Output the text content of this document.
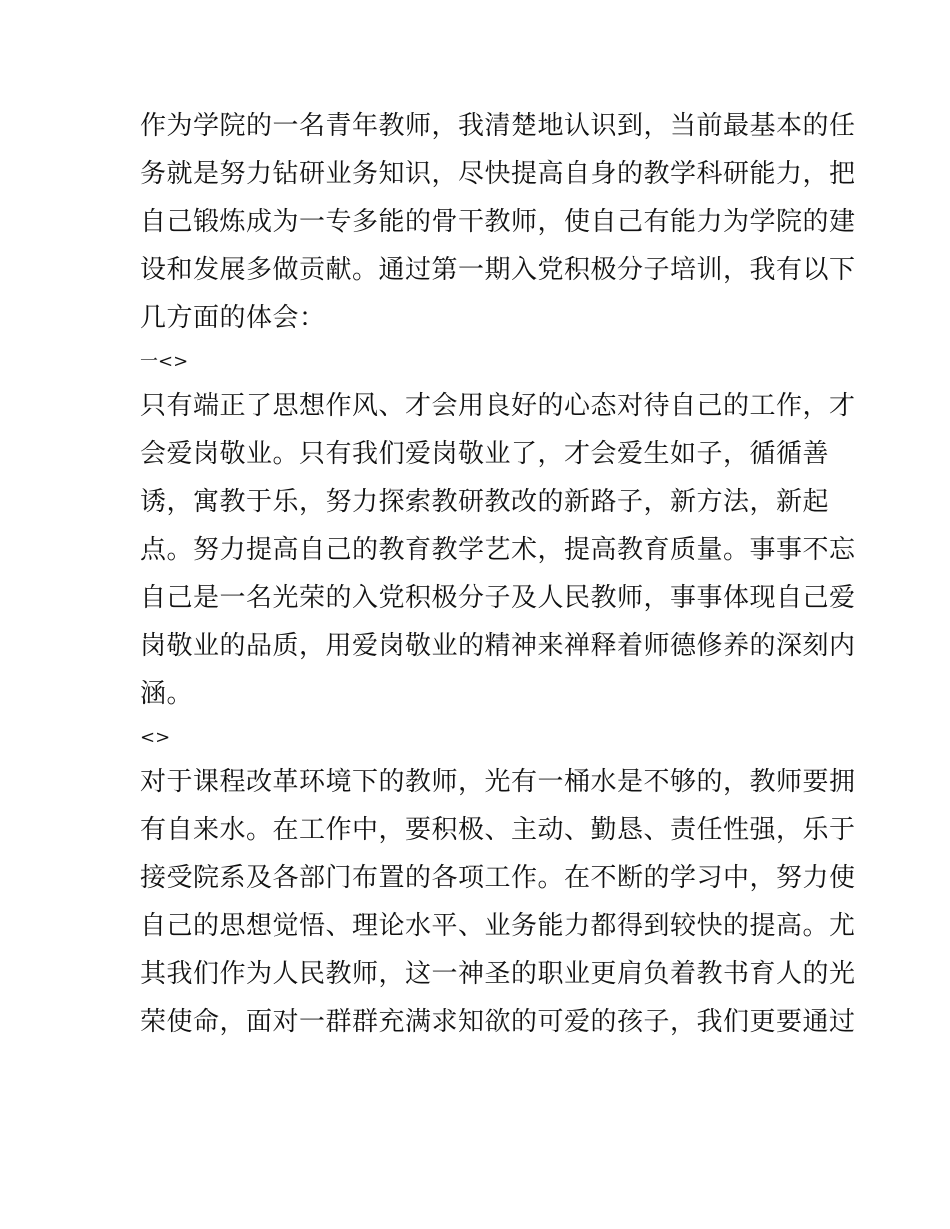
作为学院的一名青年教师，我清楚地认识到，当前最基本的任
务就是努力钻研业务知识，尽快提高自身的教学科研能力，把
自己锻炼成为一专多能的骨干教师，使自己有能力为学院的建
设和发展多做贡献。通过第一期入党积极分子培训，我有以下
几方面的体会：
一<>
只有端正了思想作风、才会用良好的心态对待自己的工作，才
会爱岗敬业。只有我们爱岗敬业了，才会爱生如子，循循善
诱，寓教于乐，努力探索教研教改的新路子，新方法，新起
点。努力提高自己的教育教学艺术，提高教育质量。事事不忘
自己是一名光荣的入党积极分子及人民教师，事事体现自己爱
岗敬业的品质，用爱岗敬业的精神来禅释着师德修养的深刻内
涵。
<>
对于课程改革环境下的教师，光有一桶水是不够的，教师要拥
有自来水。在工作中，要积极、主动、勤恳、责任性强，乐于
接受院系及各部门布置的各项工作。在不断的学习中，努力使
自己的思想觉悟、理论水平、业务能力都得到较快的提高。尤
其我们作为人民教师，这一神圣的职业更肩负着教书育人的光
荣使命，面对一群群充满求知欲的可爱的孩子，我们更要通过
